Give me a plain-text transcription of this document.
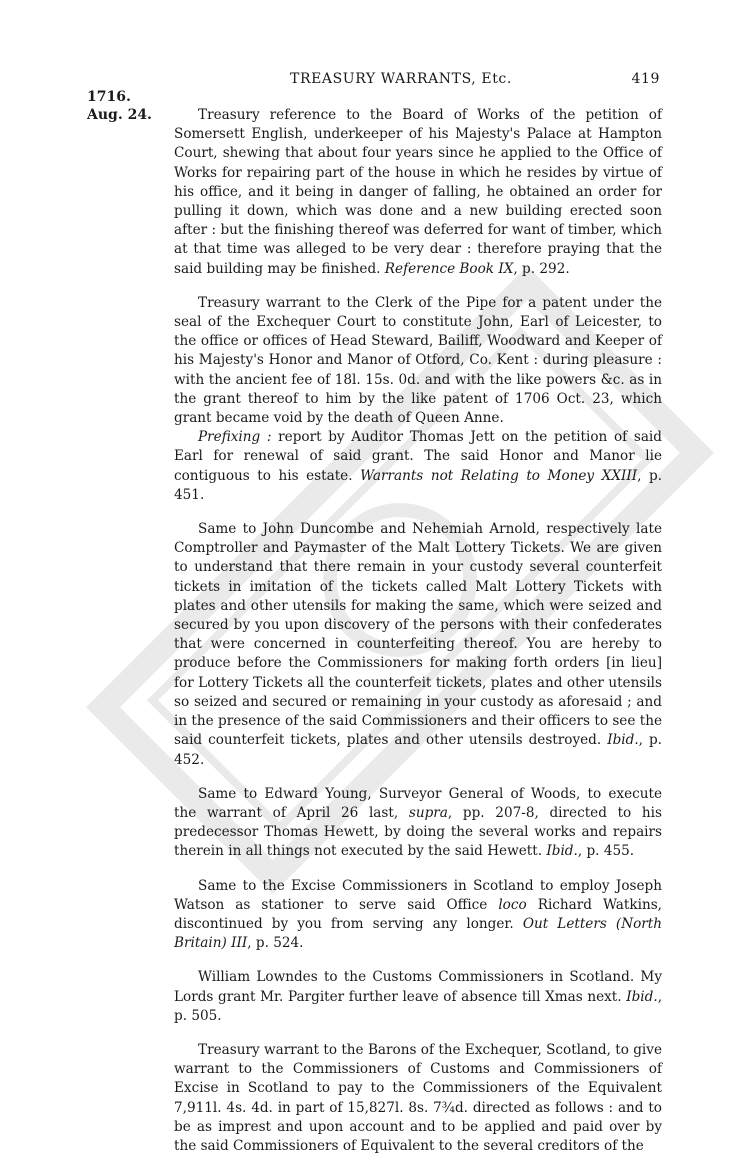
TREASURY WARRANTS, Etc.	419
1716.
Aug. 24.	Treasury reference to the Board of Works of the petition of Somersett English, underkeeper of his Majesty's Palace at Hampton Court, shewing that about four years since he applied to the Office of Works for repairing part of the house in which he resides by virtue of his office, and it being in danger of falling, he obtained an order for pulling it down, which was done and a new building erected soon after : but the finishing thereof was deferred for want of timber, which at that time was alleged to be very dear : therefore praying that the said building may be finished. Reference Book IX, p. 292.

Treasury warrant to the Clerk of the Pipe for a patent under the seal of the Exchequer Court to constitute John, Earl of Leicester, to the office or offices of Head Steward, Bailiff, Woodward and Keeper of his Majesty's Honor and Manor of Otford, Co. Kent : during pleasure : with the ancient fee of 18l. 15s. 0d. and with the like powers &c. as in the grant thereof to him by the like patent of 1706 Oct. 23, which grant became void by the death of Queen Anne.

Prefixing : report by Auditor Thomas Jett on the petition of said Earl for renewal of said grant. The said Honor and Manor lie contiguous to his estate. Warrants not Relating to Money XXIII, p. 451.

Same to John Duncombe and Nehemiah Arnold, respectively late Comptroller and Paymaster of the Malt Lottery Tickets. We are given to understand that there remain in your custody several counterfeit tickets in imitation of the tickets called Malt Lottery Tickets with plates and other utensils for making the same, which were seized and secured by you upon discovery of the persons with their confederates that were concerned in counterfeiting thereof. You are hereby to produce before the Commissioners for making forth orders [in lieu] for Lottery Tickets all the counterfeit tickets, plates and other utensils so seized and secured or remaining in your custody as aforesaid ; and in the presence of the said Commissioners and their officers to see the said counterfeit tickets, plates and other utensils destroyed. Ibid., p. 452.

Same to Edward Young, Surveyor General of Woods, to execute the warrant of April 26 last, supra, pp. 207-8, directed to his predecessor Thomas Hewett, by doing the several works and repairs therein in all things not executed by the said Hewett. Ibid., p. 455.

Same to the Excise Commissioners in Scotland to employ Joseph Watson as stationer to serve said Office loco Richard Watkins, discontinued by you from serving any longer. Out Letters (North Britain) III, p. 524.

William Lowndes to the Customs Commissioners in Scotland. My Lords grant Mr. Pargiter further leave of absence till Xmas next. Ibid., p. 505.

Treasury warrant to the Barons of the Exchequer, Scotland, to give warrant to the Commissioners of Customs and Commissioners of Excise in Scotland to pay to the Commissioners of the Equivalent 7,911l. 4s. 4d. in part of 15,827l. 8s. 7¾d. directed as follows : and to be as imprest and upon account and to be applied and paid over by the said Commissioners of Equivalent to the several creditors of the
